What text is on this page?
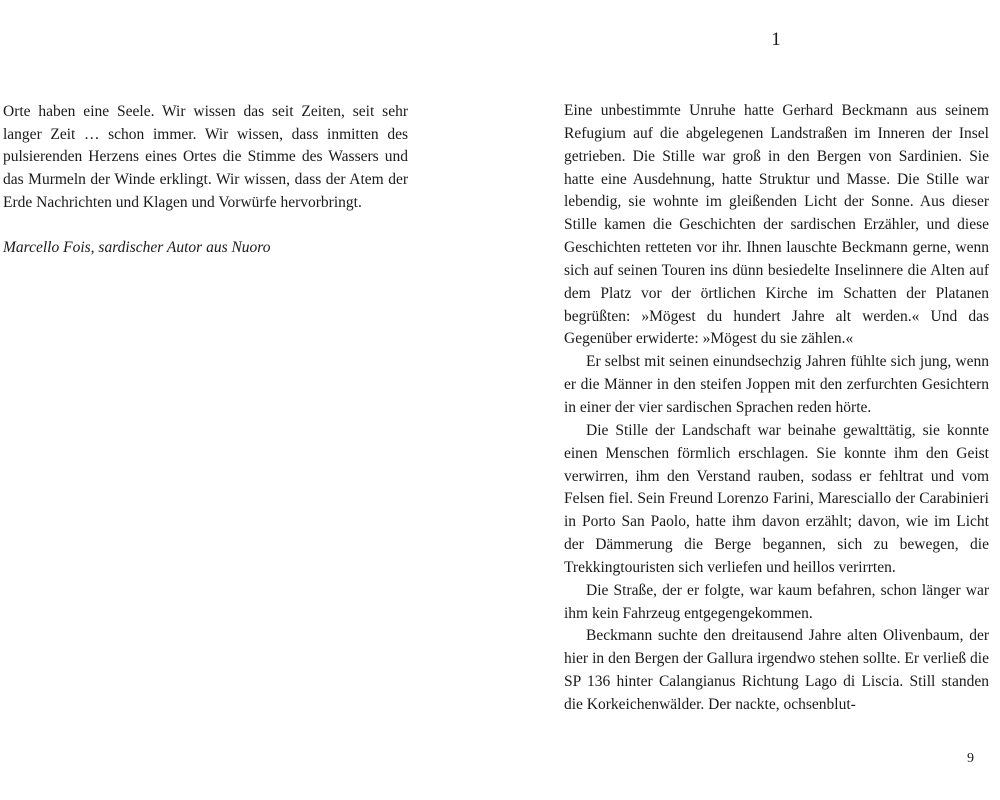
Orte haben eine Seele. Wir wissen das seit Zeiten, seit sehr langer Zeit … schon immer. Wir wissen, dass inmitten des pulsierenden Herzens eines Ortes die Stimme des Wassers und das Murmeln der Winde erklingt. Wir wissen, dass der Atem der Erde Nachrichten und Klagen und Vorwürfe hervorbringt.

Marcello Fois, sardischer Autor aus Nuoro

1

Eine unbestimmte Unruhe hatte Gerhard Beckmann aus seinem Refugium auf die abgelegenen Landstraßen im Inneren der Insel getrieben. Die Stille war groß in den Bergen von Sardinien. Sie hatte eine Ausdehnung, hatte Struktur und Masse. Die Stille war lebendig, sie wohnte im gleißenden Licht der Sonne. Aus dieser Stille kamen die Geschichten der sardischen Erzähler, und diese Geschichten retteten vor ihr. Ihnen lauschte Beckmann gerne, wenn sich auf seinen Touren ins dünn besiedelte Inselinnere die Alten auf dem Platz vor der örtlichen Kirche im Schatten der Platanen begrüßten: »Mögest du hundert Jahre alt werden.« Und das Gegenüber erwiderte: »Mögest du sie zählen.«

Er selbst mit seinen einundsechzig Jahren fühlte sich jung, wenn er die Männer in den steifen Joppen mit den zerfurchten Gesichtern in einer der vier sardischen Sprachen reden hörte.

Die Stille der Landschaft war beinahe gewalttätig, sie konnte einen Menschen förmlich erschlagen. Sie konnte ihm den Geist verwirren, ihm den Verstand rauben, sodass er fehltrat und vom Felsen fiel. Sein Freund Lorenzo Farini, Maresciallo der Carabinieri in Porto San Paolo, hatte ihm davon erzählt; davon, wie im Licht der Dämmerung die Berge begannen, sich zu bewegen, die Trekkingtouristen sich verliefen und heillos verirrten.

Die Straße, der er folgte, war kaum befahren, schon länger war ihm kein Fahrzeug entgegengekommen.

Beckmann suchte den dreitausend Jahre alten Olivenbaum, der hier in den Bergen der Gallura irgendwo stehen sollte. Er verließ die SP 136 hinter Calangianus Richtung Lago di Liscia. Still standen die Korkeichenwälder. Der nackte, ochsenblut-

9
